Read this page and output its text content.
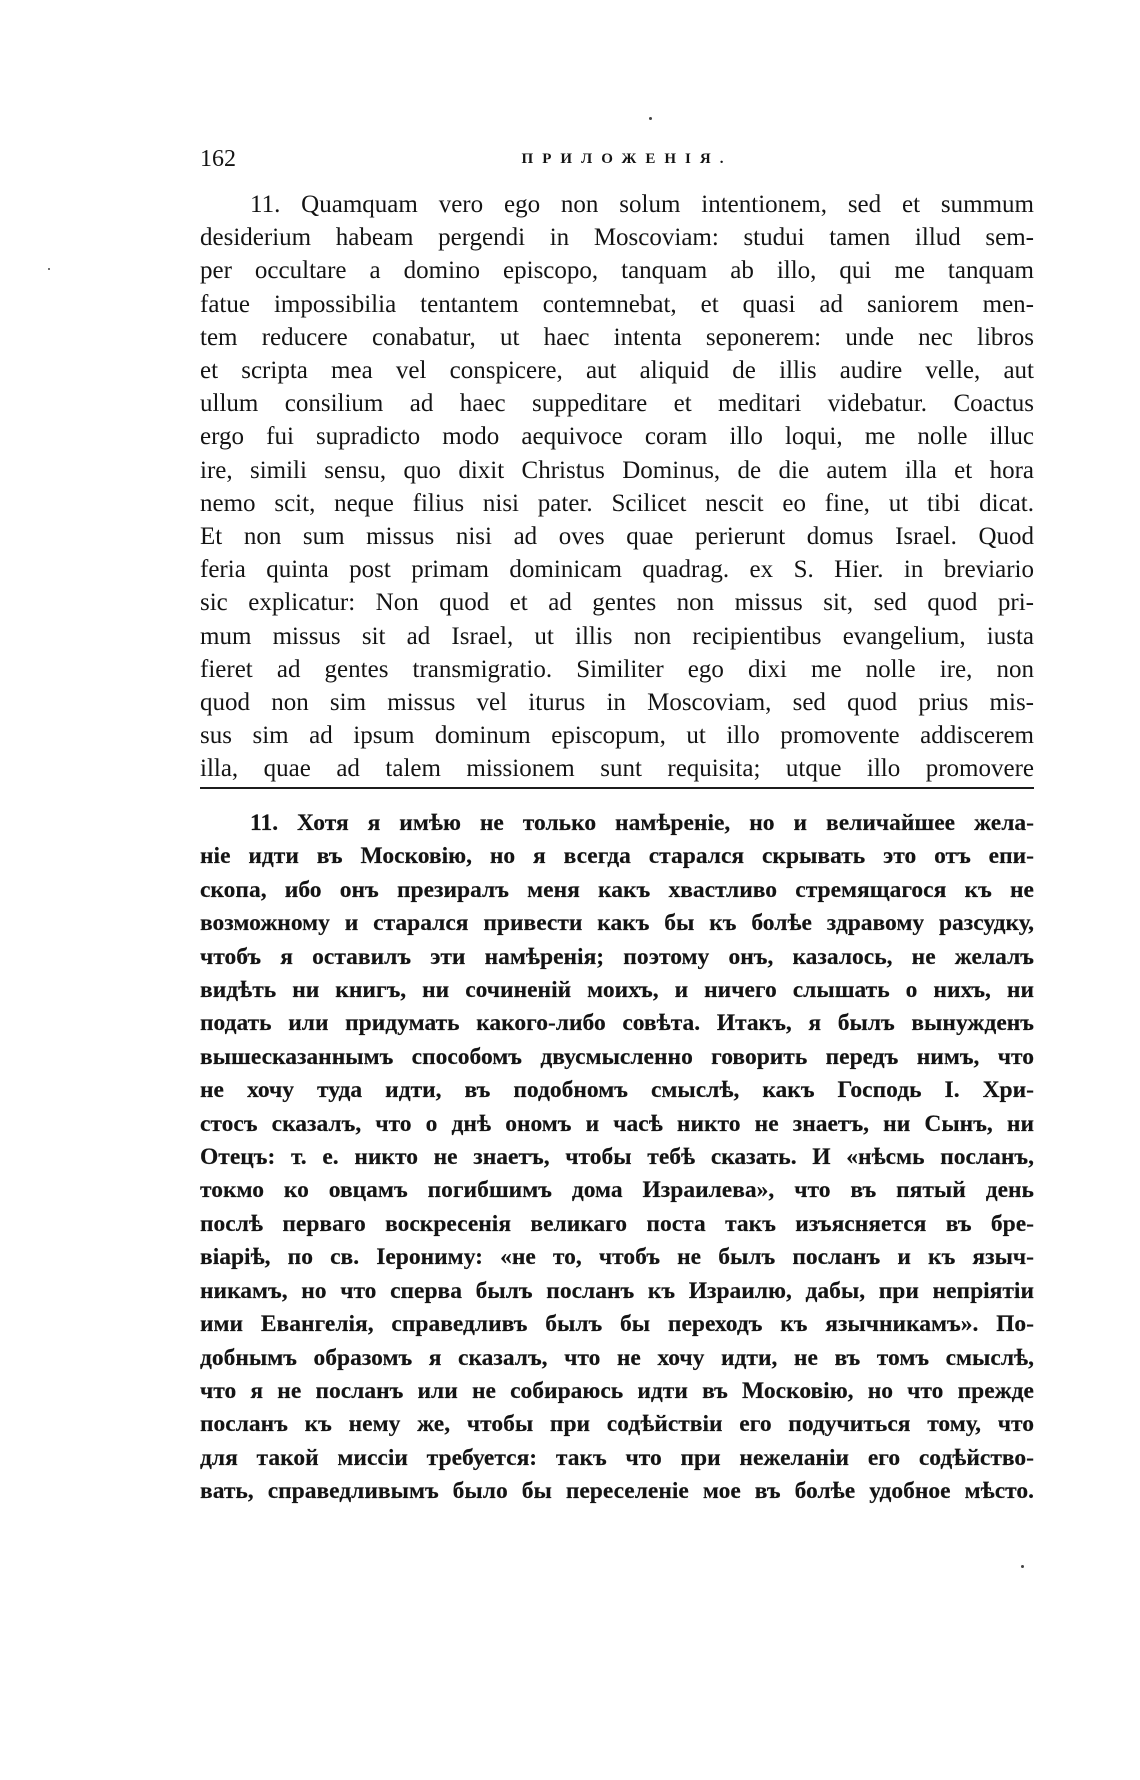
162	ПРИЛОЖЕНІЯ.
11. Quamquam vero ego non solum intentionem, sed et summum
desiderium habeam pergendi in Moscoviam: studui tamen illud sem-
per occultare a domino episcopo, tanquam ab illo, qui me tanquam
fatue impossibilia tentantem contemnebat, et quasi ad saniorem men-
tem reducere conabatur, ut haec intenta seponerem: unde nec libros
et scripta mea vel conspicere, aut aliquid de illis audire velle, aut
ullum consilium ad haec suppeditare et meditari videbatur. Coactus
ergo fui supradicto modo aequivoce coram illo loqui, me nolle illuc
ire, simili sensu, quo dixit Christus Dominus, de die autem illa et hora
nemo scit, neque filius nisi pater. Scilicet nescit eo fine, ut tibi dicat.
Et non sum missus nisi ad oves quae perierunt domus Israel. Quod
feria quinta post primam dominicam quadrag. ex S. Hier. in breviario
sic explicatur: Non quod et ad gentes non missus sit, sed quod pri-
mum missus sit ad Israel, ut illis non recipientibus evangelium, iusta
fieret ad gentes transmigratio. Similiter ego dixi me nolle ire, non
quod non sim missus vel iturus in Moscoviam, sed quod prius mis-
sus sim ad ipsum dominum episcopum, ut illo promovente addiscerem
illa, quae ad talem missionem sunt requisita; utque illo promovere
11. Хотя я имѣю не только намѣреніе, но и величайшее жела-
ніе идти въ Московію, но я всегда старался скрывать это отъ епи-
скопа, ибо онъ презиралъ меня какъ хвастливо стремящагося къ не
возможному и старался привести какъ бы къ болѣе здравому разсудку,
чтобъ я оставилъ эти намѣренія; поэтому онъ, казалось, не желалъ
видѣть ни книгъ, ни сочиненій моихъ, и ничего слышать о нихъ, ни
подать или придумать какого-либо совѣта. Итакъ, я былъ вынужденъ
вышесказаннымъ способомъ двусмысленно говорить передъ нимъ, что
не хочу туда идти, въ подобномъ смыслѣ, какъ Господь І. Хри-
стосъ сказалъ, что о днѣ ономъ и часѣ никто не знаетъ, ни Сынъ, ни
Отецъ: т. е. никто не знаетъ, чтобы тебѣ сказать. И «нѣсмь посланъ,
токмо ко овцамъ погибшимъ дома Израилева», что въ пятый день
послѣ перваго воскресенія великаго поста такъ изъясняется въ бре-
віаріѣ, по св. Іерониму: «не то, чтобъ не былъ посланъ и къ языч-
никамъ, но что сперва былъ посланъ къ Израилю, дабы, при непріятіи
ими Евангелія, справедливъ былъ бы переходъ къ язычникамъ». По-
добнымъ образомъ я сказалъ, что не хочу идти, не въ томъ смыслѣ,
что я не посланъ или не собираюсь идти въ Московію, но что прежде
посланъ къ нему же, чтобы при содѣйствіи его подучиться тому, что
для такой миссіи требуется: такъ что при нежеланіи его содѣйство-
вать, справедливымъ было бы переселеніе мое въ болѣе удобное мѣсто.
